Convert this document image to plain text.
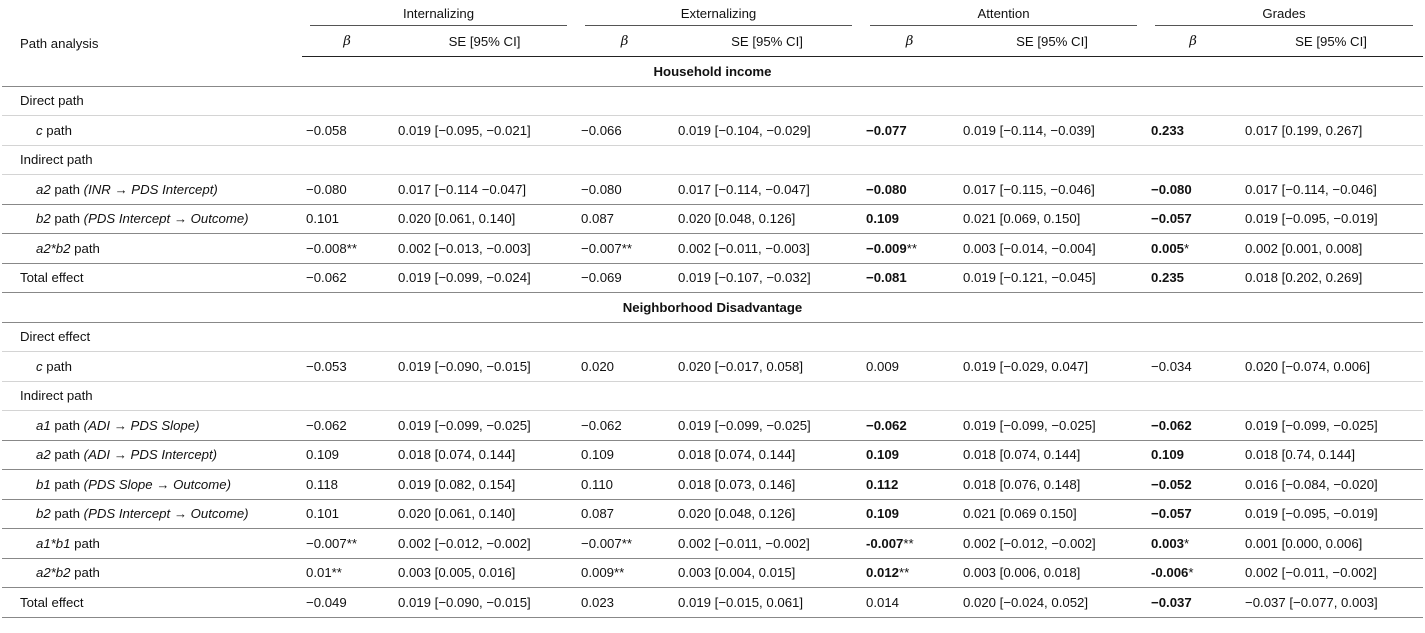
Path analysis	Internalizing		Externalizing		Attention		Grades	

	β	SE [95% CI]	β	SE [95% CI]	β	SE [95% CI]	β	SE [95% CI]
Household income								
Direct path								
c path	−0.058	0.019 [−0.095, −0.021]	−0.066	0.019 [−0.104, −0.029]	−0.077	0.019 [−0.114, −0.039]	0.233	0.017 [0.199, 0.267]
Indirect path								
a2 path (INR → PDS Intercept)	−0.080	0.017 [−0.114 −0.047]	−0.080	0.017 [−0.114, −0.047]	−0.080	0.017 [−0.115, −0.046]	−0.080	0.017 [−0.114, −0.046]
b2 path (PDS Intercept → Outcome)	0.101	0.020 [0.061, 0.140]	0.087	0.020 [0.048, 0.126]	0.109	0.021 [0.069, 0.150]	−0.057	0.019 [−0.095, −0.019]
a2*b2 path	−0.008**	0.002 [−0.013, −0.003]	−0.007**	0.002 [−0.011, −0.003]	−0.009**	0.003 [−0.014, −0.004]	0.005*	0.002 [0.001, 0.008]
Total effect	−0.062	0.019 [−0.099, −0.024]	−0.069	0.019 [−0.107, −0.032]	−0.081	0.019 [−0.121, −0.045]	0.235	0.018 [0.202, 0.269]
Neighborhood Disadvantage								
Direct effect								
c path	−0.053	0.019 [−0.090, −0.015]	0.020	0.020 [−0.017, 0.058]	0.009	0.019 [−0.029, 0.047]	−0.034	0.020 [−0.074, 0.006]
Indirect path								
a1 path (ADI → PDS Slope)	−0.062	0.019 [−0.099, −0.025]	−0.062	0.019 [−0.099, −0.025]	−0.062	0.019 [−0.099, −0.025]	−0.062	0.019 [−0.099, −0.025]
a2 path (ADI → PDS Intercept)	0.109	0.018 [0.074, 0.144]	0.109	0.018 [0.074, 0.144]	0.109	0.018 [0.074, 0.144]	0.109	0.018 [0.74, 0.144]
b1 path (PDS Slope → Outcome)	0.118	0.019 [0.082, 0.154]	0.110	0.018 [0.073, 0.146]	0.112	0.018 [0.076, 0.148]	−0.052	0.016 [−0.084, −0.020]
b2 path (PDS Intercept → Outcome)	0.101	0.020 [0.061, 0.140]	0.087	0.020 [0.048, 0.126]	0.109	0.021 [0.069 0.150]	−0.057	0.019 [−0.095, −0.019]
a1*b1 path	−0.007**	0.002 [−0.012, −0.002]	−0.007**	0.002 [−0.011, −0.002]	-0.007**	0.002 [−0.012, −0.002]	0.003*	0.001 [0.000, 0.006]
a2*b2 path	0.01**	0.003 [0.005, 0.016]	0.009**	0.003 [0.004, 0.015]	0.012**	0.003 [0.006, 0.018]	-0.006*	0.002 [−0.011, −0.002]
Total effect	−0.049	0.019 [−0.090, −0.015]	0.023	0.019 [−0.015, 0.061]	0.014	0.020 [−0.024, 0.052]	−0.037	−0.037 [−0.077, 0.003]
